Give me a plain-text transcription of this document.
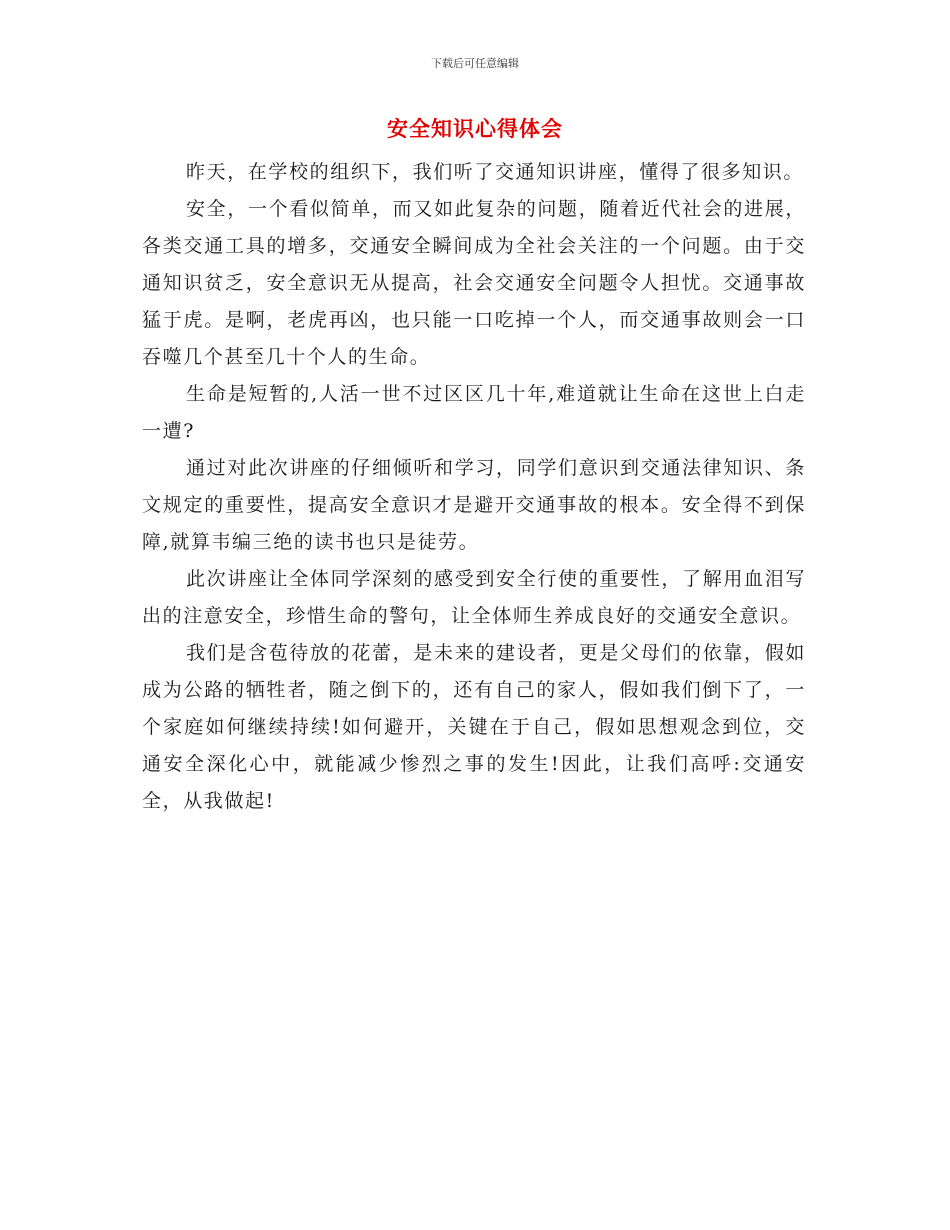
下载后可任意编辑
安全知识心得体会

昨天，在学校的组织下，我们听了交通知识讲座，懂得了很多知识。

安全，一个看似简单，而又如此复杂的问题，随着近代社会的进展，各类交通工具的增多，交通安全瞬间成为全社会关注的一个问题。由于交通知识贫乏，安全意识无从提高，社会交通安全问题令人担忧。交通事故猛于虎。是啊，老虎再凶，也只能一口吃掉一个人，而交通事故则会一口吞噬几个甚至几十个人的生命。

生命是短暂的,人活一世不过区区几十年,难道就让生命在这世上白走一遭?

通过对此次讲座的仔细倾听和学习，同学们意识到交通法律知识、条文规定的重要性，提高安全意识才是避开交通事故的根本。安全得不到保障,就算韦编三绝的读书也只是徒劳。

此次讲座让全体同学深刻的感受到安全行使的重要性，了解用血泪写出的注意安全，珍惜生命的警句，让全体师生养成良好的交通安全意识。

我们是含苞待放的花蕾，是未来的建设者，更是父母们的依靠，假如成为公路的牺牲者，随之倒下的，还有自己的家人，假如我们倒下了，一个家庭如何继续持续!如何避开，关键在于自己，假如思想观念到位，交通安全深化心中，就能减少惨烈之事的发生!因此，让我们高呼:交通安全，从我做起!
